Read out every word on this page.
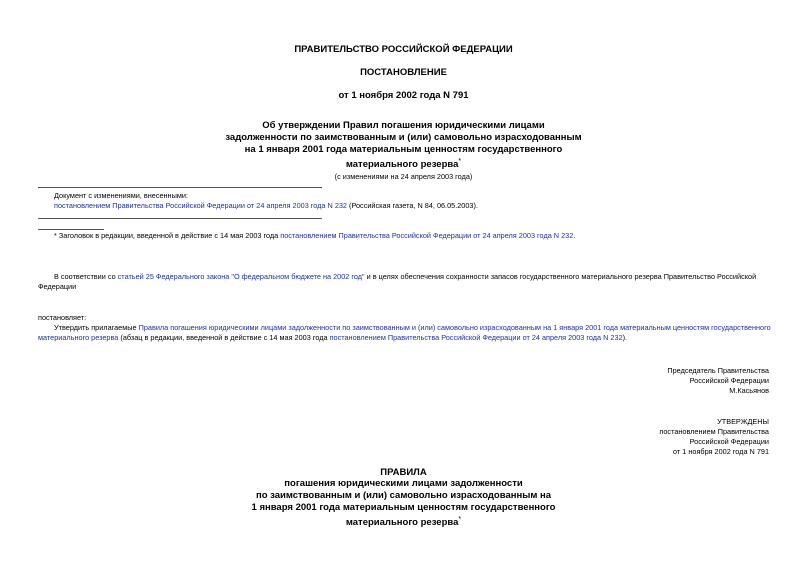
ПРАВИТЕЛЬСТВО РОССИЙСКОЙ ФЕДЕРАЦИИ
ПОСТАНОВЛЕНИЕ
от 1 ноября 2002 года N 791
Об утверждении Правил погашения юридическими лицами
задолженности по заимствованным и (или) самовольно израсходованным
на 1 января 2001 года материальным ценностям государственного
материального резерва*
(с изменениями на 24 апреля 2003 года)
Документ с изменениями, внесенными:
постановлением Правительства Российской Федерации от 24 апреля 2003 года N 232 (Российская газета, N 84, 06.05.2003).
* Заголовок в редакции, введенной в действие с 14 мая 2003 года постановлением Правительства Российской Федерации от 24 апреля 2003 года N 232.
В соответствии со статьей 25 Федерального закона "О федеральном бюджете на 2002 год" и в целях обеспечения сохранности запасов государственного материального резерва Правительство Российской Федерации
постановляет:
Утвердить прилагаемые Правила погашения юридическими лицами задолженности по заимствованным и (или) самовольно израсходованным на 1 января 2001 года материальным ценностям государственного материального резерва (абзац в редакции, введенной в действие с 14 мая 2003 года постановлением Правительства Российской Федерации от 24 апреля 2003 года N 232).
Председатель Правительства
Российской Федерации
М.Касьянов
УТВЕРЖДЕНЫ
постановлением Правительства
Российской Федерации
от 1 ноября 2002 года N 791
ПРАВИЛА
погашения юридическими лицами задолженности
по заимствованным и (или) самовольно израсходованным на
1 января 2001 года материальным ценностям государственного
материального резерва*
